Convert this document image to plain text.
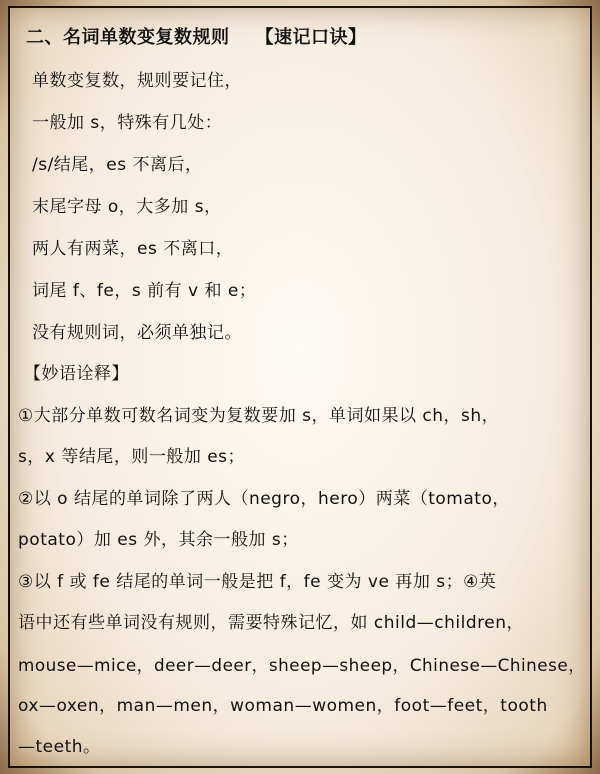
二、名词单数变复数规则 【速记口诀】
单数变复数，规则要记住，
一般加 s，特殊有几处：
/s/结尾，es 不离后，
末尾字母 o，大多加 s，
两人有两菜，es 不离口，
词尾 f、fe，s 前有 v 和 e；
没有规则词，必须单独记。
【妙语诠释】
①大部分单数可数名词变为复数要加 s，单词如果以 ch，sh，
s，x 等结尾，则一般加 es；
②以 o 结尾的单词除了两人（negro，hero）两菜（tomato，
potato）加 es 外，其余一般加 s；
③以 f 或 fe 结尾的单词一般是把 f，fe 变为 ve 再加 s；④英
语中还有些单词没有规则，需要特殊记忆，如 child—children，
mouse—mice，deer—deer，sheep—sheep，Chinese—Chinese，
ox—oxen，man—men，woman—women，foot—feet，tooth
—teeth。
